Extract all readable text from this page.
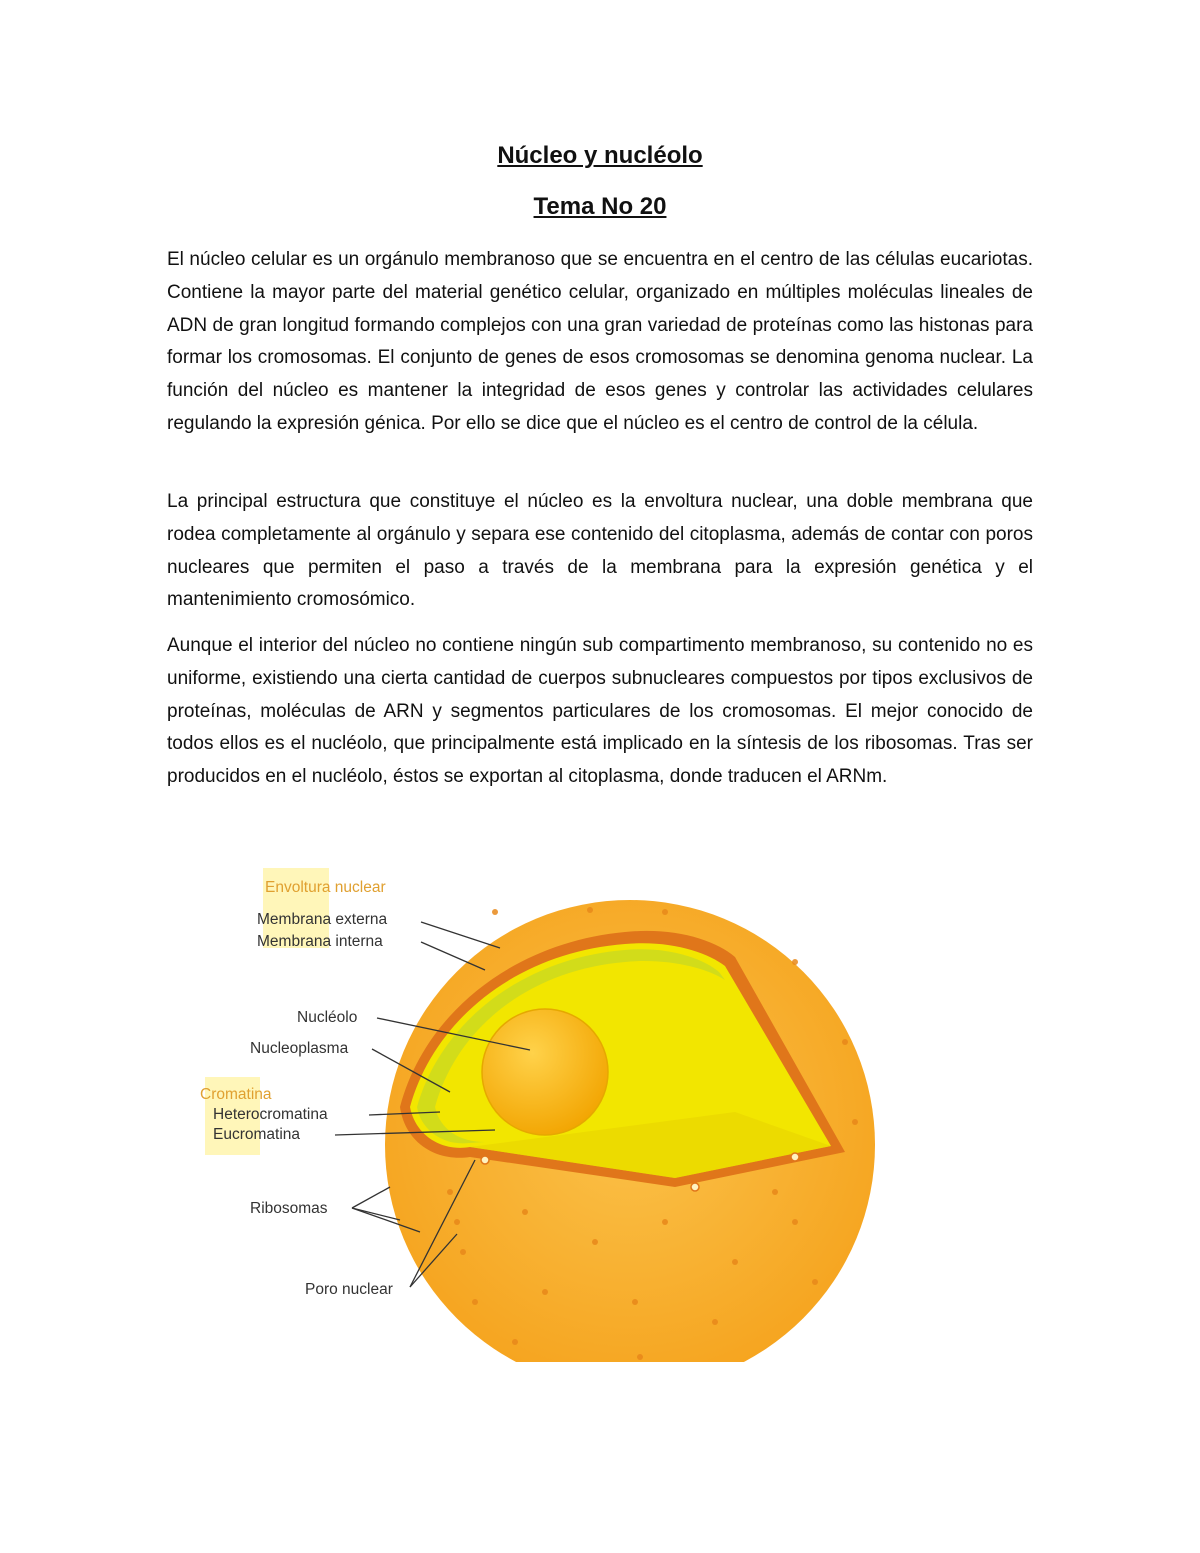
Núcleo y nucléolo
Tema No 20

El núcleo celular es un orgánulo membranoso que se encuentra en el centro de las células eucariotas. Contiene la mayor parte del material genético celular, organizado en múltiples moléculas lineales de ADN de gran longitud formando complejos con una gran variedad de proteínas como las histonas para formar los cromosomas. El conjunto de genes de esos cromosomas se denomina genoma nuclear. La función del núcleo es mantener la integridad de esos genes y controlar las actividades celulares regulando la expresión génica. Por ello se dice que el núcleo es el centro de control de la célula.

La principal estructura que constituye el núcleo es la envoltura nuclear, una doble membrana que rodea completamente al orgánulo y separa ese contenido del citoplasma, además de contar con poros nucleares que permiten el paso a través de la membrana para la expresión genética y el mantenimiento cromosómico.

Aunque el interior del núcleo no contiene ningún sub compartimento membranoso, su contenido no es uniforme, existiendo una cierta cantidad de cuerpos subnucleares compuestos por tipos exclusivos de proteínas, moléculas de ARN y segmentos particulares de los cromosomas. El mejor conocido de todos ellos es el nucléolo, que principalmente está implicado en la síntesis de los ribosomas. Tras ser producidos en el nucléolo, éstos se exportan al citoplasma, donde traducen el ARNm.

Envoltura nuclear
Membrana externa
Membrana interna
Nucléolo
Nucleoplasma
Cromatina
Heterocromatina
Eucromatina
Ribosomas
Poro nuclear
